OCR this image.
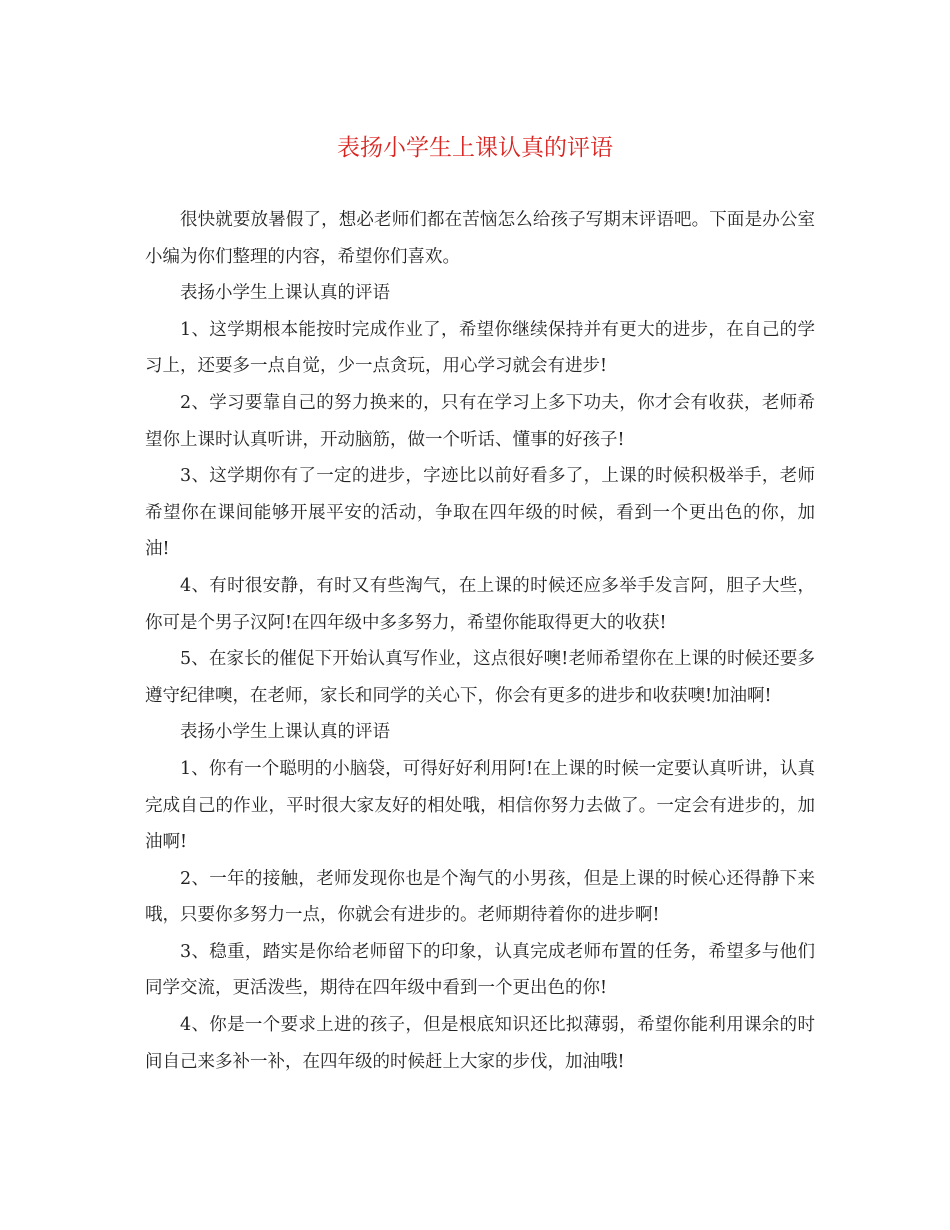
表扬小学生上课认真的评语

很快就要放暑假了，想必老师们都在苦恼怎么给孩子写期末评语吧。下面是办公室小编为你们整理的内容，希望你们喜欢。

表扬小学生上课认真的评语

1、这学期根本能按时完成作业了，希望你继续保持并有更大的进步，在自己的学习上，还要多一点自觉，少一点贪玩，用心学习就会有进步!

2、学习要靠自己的努力换来的，只有在学习上多下功夫，你才会有收获，老师希望你上课时认真听讲，开动脑筋，做一个听话、懂事的好孩子!

3、这学期你有了一定的进步，字迹比以前好看多了，上课的时候积极举手，老师希望你在课间能够开展平安的活动，争取在四年级的时候，看到一个更出色的你，加油!

4、有时很安静，有时又有些淘气，在上课的时候还应多举手发言阿，胆子大些，你可是个男子汉阿!在四年级中多多努力，希望你能取得更大的收获!

5、在家长的催促下开始认真写作业，这点很好噢!老师希望你在上课的时候还要多遵守纪律噢，在老师，家长和同学的关心下，你会有更多的进步和收获噢!加油啊!

表扬小学生上课认真的评语

1、你有一个聪明的小脑袋，可得好好利用阿!在上课的时候一定要认真听讲，认真完成自己的作业，平时很大家友好的相处哦，相信你努力去做了。一定会有进步的，加油啊!

2、一年的接触，老师发现你也是个淘气的小男孩，但是上课的时候心还得静下来哦，只要你多努力一点，你就会有进步的。老师期待着你的进步啊!

3、稳重，踏实是你给老师留下的印象，认真完成老师布置的任务，希望多与他们同学交流，更活泼些，期待在四年级中看到一个更出色的你!

4、你是一个要求上进的孩子，但是根底知识还比拟薄弱，希望你能利用课余的时间自己来多补一补，在四年级的时候赶上大家的步伐，加油哦!
